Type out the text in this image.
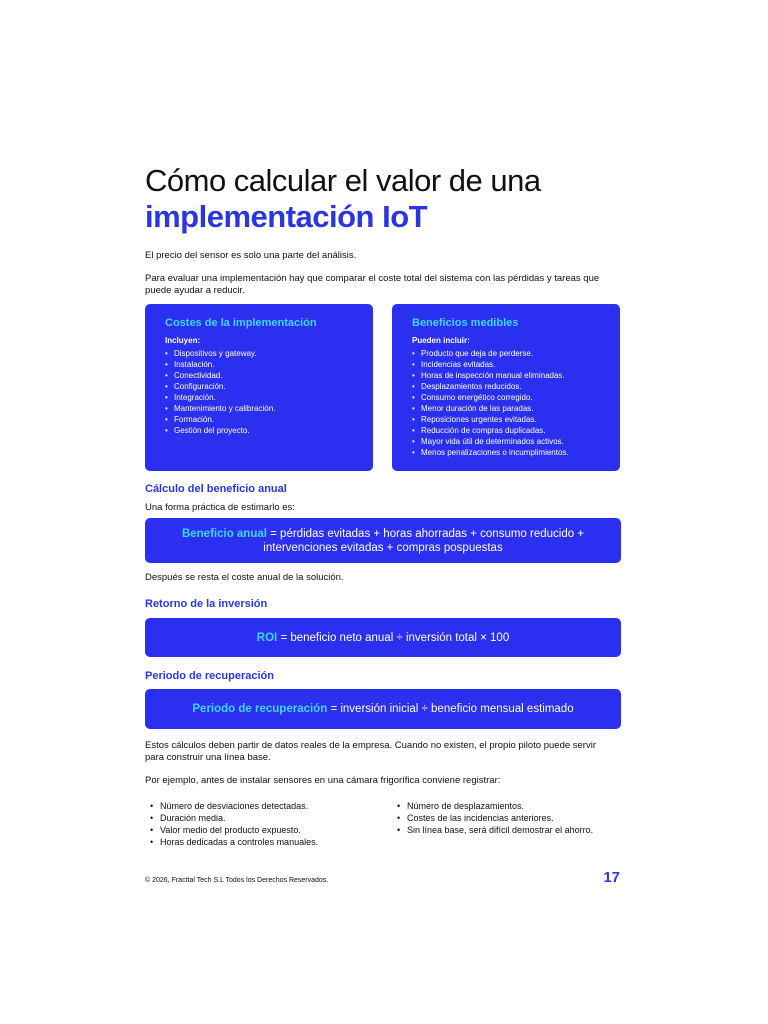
Cómo calcular el valor de una
implementación IoT

El precio del sensor es solo una parte del análisis.

Para evaluar una implementación hay que comparar el coste total del sistema con las pérdidas y tareas que puede ayudar a reducir.

Costes de la implementación

Incluyen:

• Dispositivos y gateway.
• Instalación.
• Conectividad.
• Configuración.
• Integración.
• Mantenimiento y calibración.
• Formación.
• Gestión del proyecto.
Beneficios medibles

Pueden incluir:

• Producto que deja de perderse.
• Incidencias evitadas.
• Horas de inspección manual eliminadas.
• Desplazamientos reducidos.
• Consumo energético corregido.
• Menor duración de las paradas.
• Reposiciones urgentes evitadas.
• Reducción de compras duplicadas.
• Mayor vida útil de determinados activos.
• Menos penalizaciones o incumplimientos.
Cálculo del beneficio anual

Una forma práctica de estimarlo es:

Beneficio anual = pérdidas evitadas + horas ahorradas + consumo reducido + intervenciones evitadas + compras pospuestas

Después se resta el coste anual de la solución.

Retorno de la inversión
ROI = beneficio neto anual ÷ inversión total × 100
Periodo de recuperación
Periodo de recuperación = inversión inicial ÷ beneficio mensual estimado

Estos cálculos deben partir de datos reales de la empresa. Cuando no existen, el propio piloto puede servir para construir una línea base.

Por ejemplo, antes de instalar sensores en una cámara frigorífica conviene registrar:

• Número de desviaciones detectadas.
• Duración media.
• Valor medio del producto expuesto.
• Horas dedicadas a controles manuales.
• Número de desplazamientos.
• Costes de las incidencias anteriores.
• Sin línea base, será difícil demostrar el ahorro.
© 2026, Fracttal Tech S.L Todos los Derechos Reservados.	17
